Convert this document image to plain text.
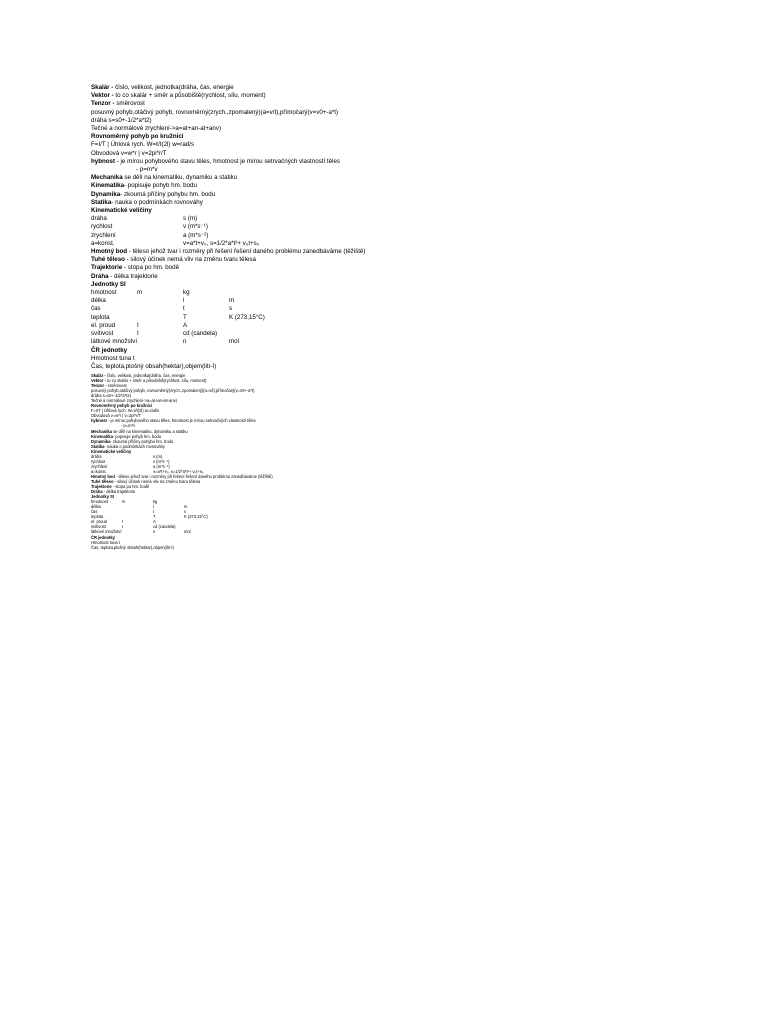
Skalár - číslo, velikost, jednotka(dráha, čas, energie
Vektor - to co skalár + směr a působiště(rychlost, sílu, moment)
Tenzor - směrovost
posuvný pohyb,otáčivý pohyb, rovnoměrný(zrych.,zpomalený)(a=v/t),přímočarý(v=v0+-a*t)
dráha s=s0+-1/2*a*t2)
Tečné a normálové zrychlení->a=at+an-at+anv)
Rovnoměrný pohyb po kružnici
F=I/T | Úhlová rych. W=ℓ/t(2l) w=rad/s
Obvodová v=w*r | v=2pi*r/T
hybnost - je mírou pohybového stavu těles, hmotnost je mírou setrvačných vlastností těles
- p=m*v
Mechanika se dělí na kinematiku, dynamiku a statiku
Kinematika- popisuje pohyb hm. bodu
Dynamika- zkoumá příčiny pohybu hm. bodu
Statika- nauka o podmínkách rovnováhy
Kinematické veličiny
dráha	s (m)
rychlost	v (m*s⁻¹)
zrychlení	a (m*s⁻²)
a=konst.	v=a*t+v₀, s=1/2*a*t²+ v₀t+s₀
Hmotný bod - těleso jehož tvar i rozměry při řešení řešení daného problému zanedbáváme (těžiště)
Tuhé těleso - silový účinek nemá vliv na změnu tvaru tělesa
Trajektorie - stopa po hm. bodě
Dráha - délka trajektorie
Jednotky SI
hmotnost	m	kg
délka	l	m
čas	t	s
teplota	T	K (273,15°C)
el. proud	I	A
svítivost	I	cd (candela)
látkové množství	n	mol
ČR jednotky
Hmotnost tuna t
Čas, teplota,plošný obsah(hektar),objem(litr-l)
Skalár - číslo, velikost, jednotka(dráha, čas, energie
Vektor - to co skalár + směr a působiště(rychlost, sílu, moment)
Tenzor - směrovost
posuvný pohyb,otáčivý pohyb, rovnoměrný(zrych.,zpomalený)(a=v/t),přímočarý(v=v0+-a*t)
dráha s=s0+-1/2*a*t2)
Tečné a normálové zrychlení->a=at+an-at+anv)
Rovnoměrný pohyb po kružnici
F=I/T | Úhlová rych. W=ℓ/t(2l) w=rad/s
Obvodová v=w*r | v=2pi*r/T
hybnost - je mírou pohybového stavu těles, hmotnost je mírou setrvačných vlastností těles
- p=m*v
Mechanika se dělí na kinematiku, dynamiku a statiku
Kinematika- popisuje pohyb hm. bodu
Dynamika- zkoumá příčiny pohybu hm. bodu
Statika- nauka o podmínkách rovnováhy
Kinematické veličiny
dráha	s (m)
rychlost	v (m*s⁻¹)
zrychlení	a (m*s⁻²)
a=konst.	v=a*t+v₀, s=1/2*a*t²+ v₀t+s₀
Hmotný bod - těleso jehož tvar i rozměry při řešení řešení daného problému zanedbáváme (těžiště)
Tuhé těleso - silový účinek nemá vliv na změnu tvaru tělesa
Trajektorie - stopa po hm. bodě
Dráha - délka trajektorie
Jednotky SI
hmotnost	m	kg
délka	l	m
čas	t	s
teplota	T	K (273,15°C)
el. proud	I	A
svítivost	I	cd (candela)
látkové množství	n	mol
ČR jednotky
Hmotnost tuna t
Čas, teplota,plošný obsah(hektar),objem(litr-l)
